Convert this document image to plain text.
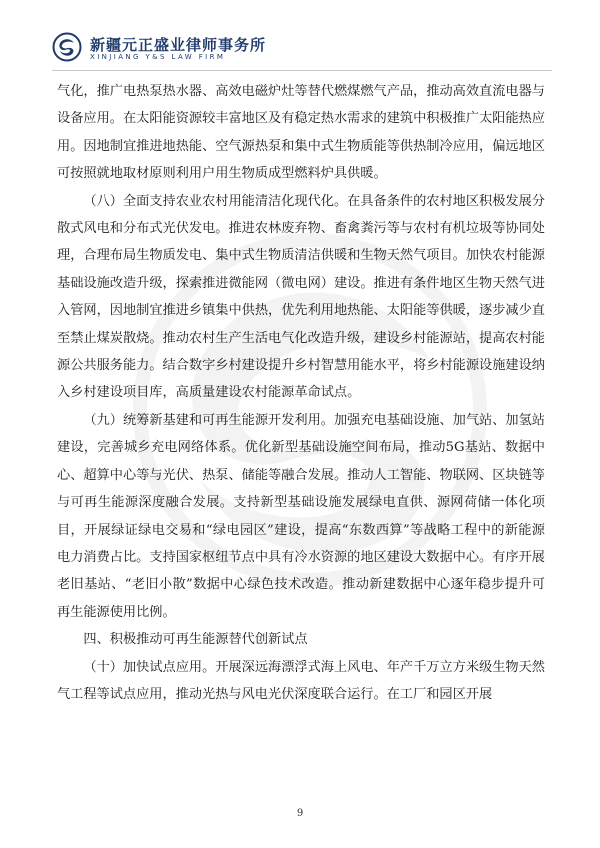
新疆元正盛业律师事务所
XINJIANG Y&S LAW FIRM

气化，推广电热泵热水器、高效电磁炉灶等替代燃煤燃气产品，推动高效直流电器与设备应用。在太阳能资源较丰富地区及有稳定热水需求的建筑中积极推广太阳能热应用。因地制宜推进地热能、空气源热泵和集中式生物质能等供热制冷应用，偏远地区可按照就地取材原则利用户用生物质成型燃料炉具供暖。

（八）全面支持农业农村用能清洁化现代化。在具备条件的农村地区积极发展分散式风电和分布式光伏发电。推进农林废弃物、畜禽粪污等与农村有机垃圾等协同处理，合理布局生物质发电、集中式生物质清洁供暖和生物天然气项目。加快农村能源基础设施改造升级，探索推进微能网（微电网）建设。推进有条件地区生物天然气进入管网，因地制宜推进乡镇集中供热，优先利用地热能、太阳能等供暖，逐步减少直至禁止煤炭散烧。推动农村生产生活电气化改造升级，建设乡村能源站，提高农村能源公共服务能力。结合数字乡村建设提升乡村智慧用能水平，将乡村能源设施建设纳入乡村建设项目库，高质量建设农村能源革命试点。

（九）统筹新基建和可再生能源开发利用。加强充电基础设施、加气站、加氢站建设，完善城乡充电网络体系。优化新型基础设施空间布局，推动5G基站、数据中心、超算中心等与光伏、热泵、储能等融合发展。推动人工智能、物联网、区块链等与可再生能源深度融合发展。支持新型基础设施发展绿电直供、源网荷储一体化项目，开展绿证绿电交易和“绿电园区”建设，提高“东数西算”等战略工程中的新能源电力消费占比。支持国家枢纽节点中具有冷水资源的地区建设大数据中心。有序开展老旧基站、“老旧小散”数据中心绿色技术改造。推动新建数据中心逐年稳步提升可再生能源使用比例。

四、积极推动可再生能源替代创新试点

（十）加快试点应用。开展深远海漂浮式海上风电、年产千万立方米级生物天然气工程等试点应用，推动光热与风电光伏深度联合运行。在工厂和园区开展

9
